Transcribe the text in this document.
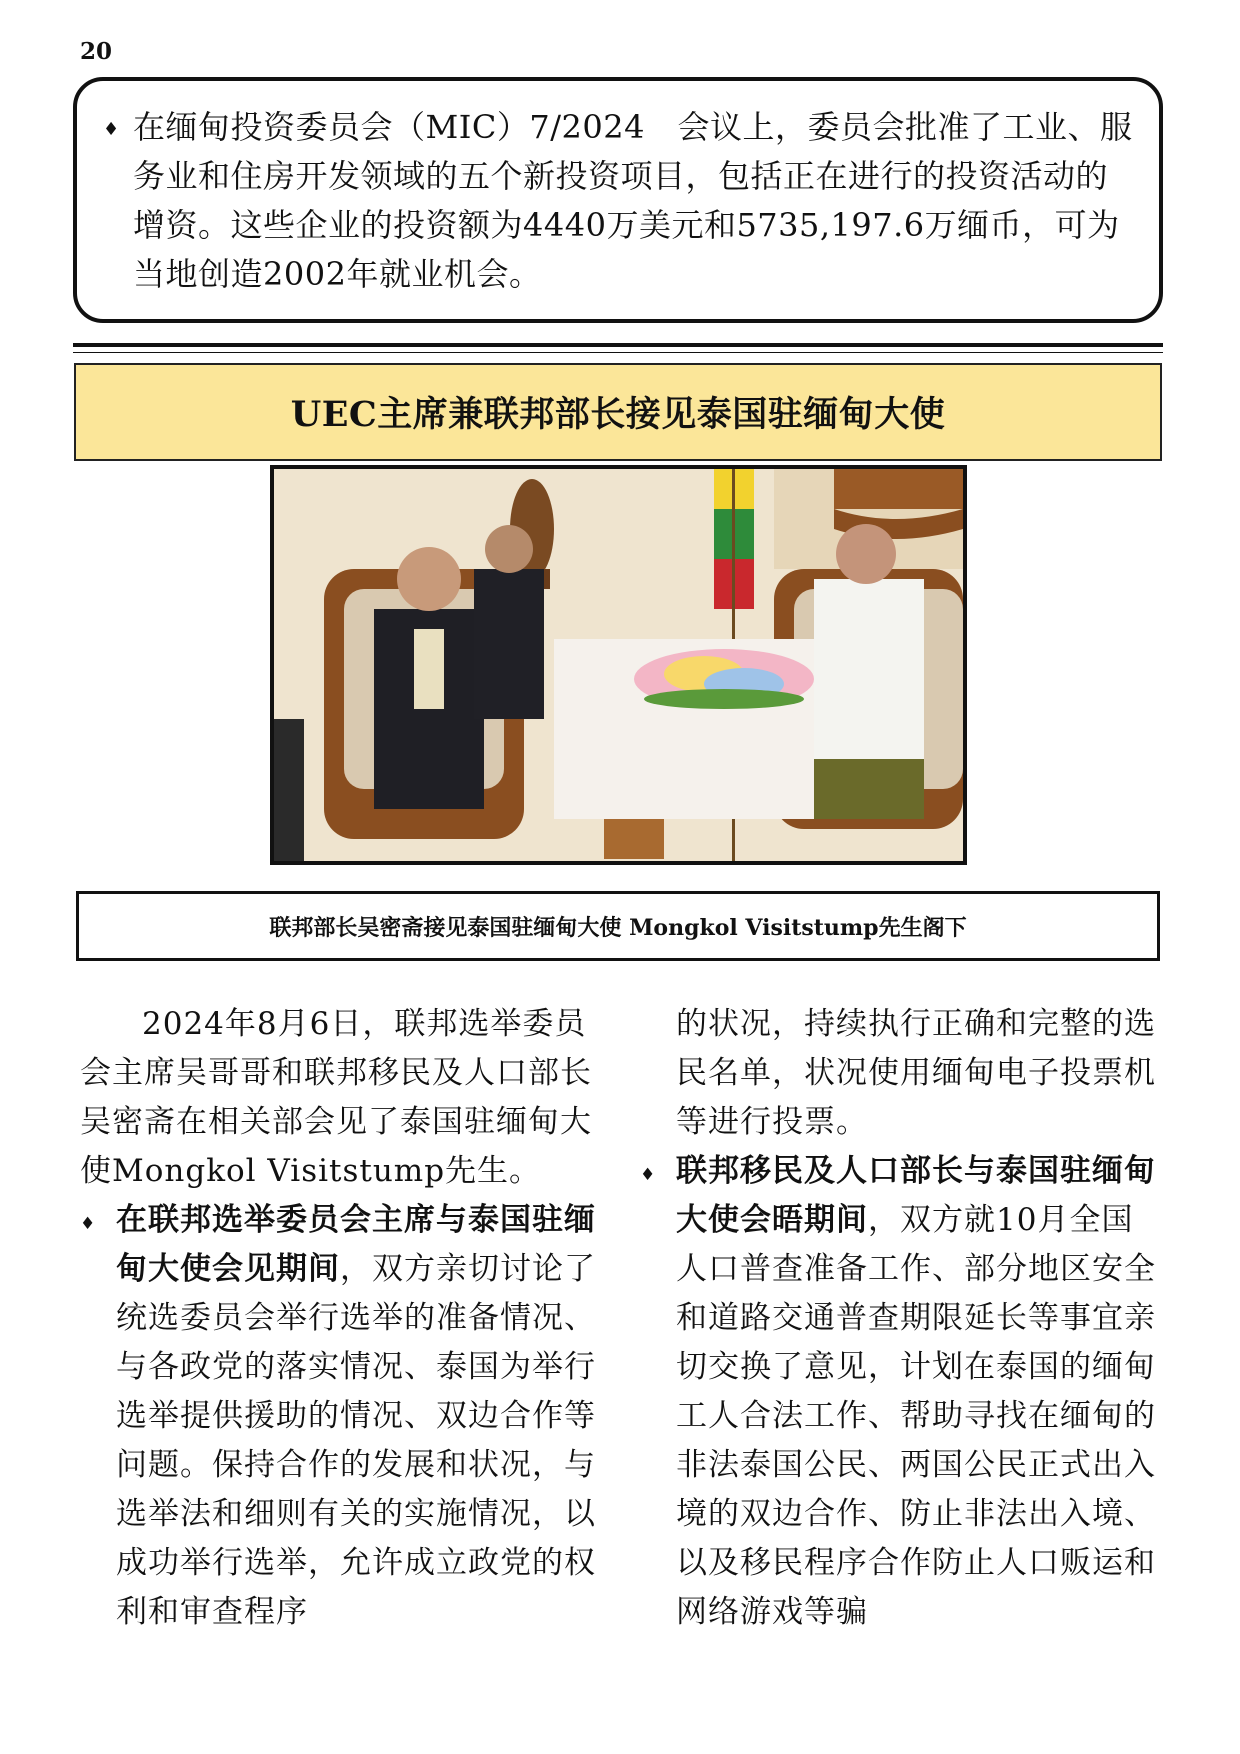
20
♦ 在缅甸投资委员会（MIC）7/2024　会议上，委员会批准了工业、服务业和住房开发领域的五个新投资项目，包括正在进行的投资活动的增资。这些企业的投资额为4440万美元和5735,197.6万缅币，可为当地创造2002年就业机会。

UEC主席兼联邦部长接见泰国驻缅甸大使
联邦部长吴密斋接见泰国驻缅甸大使 Mongkol Visitstump先生阁下

2024年8月6日，联邦选举委员会主席吴哥哥和联邦移民及人口部长吴密斋在相关部会见了泰国驻缅甸大使Mongkol Visitstump先生。

♦ 在联邦选举委员会主席与泰国驻缅甸大使会见期间，双方亲切讨论了统选委员会举行选举的准备情况、与各政党的落实情况、泰国为举行选举提供援助的情况、双边合作等问题。保持合作的发展和状况，与选举法和细则有关的实施情况，以成功举行选举，允许成立政党的权利和审查程序

的状况，持续执行正确和完整的选民名单，状况使用缅甸电子投票机等进行投票。

♦ 联邦移民及人口部长与泰国驻缅甸大使会晤期间，双方就10月全国人口普查准备工作、部分地区安全和道路交通普查期限延长等事宜亲切交换了意见，计划在泰国的缅甸工人合法工作、帮助寻找在缅甸的非法泰国公民、两国公民正式出入境的双边合作、防止非法出入境、以及移民程序合作防止人口贩运和网络游戏等骗
